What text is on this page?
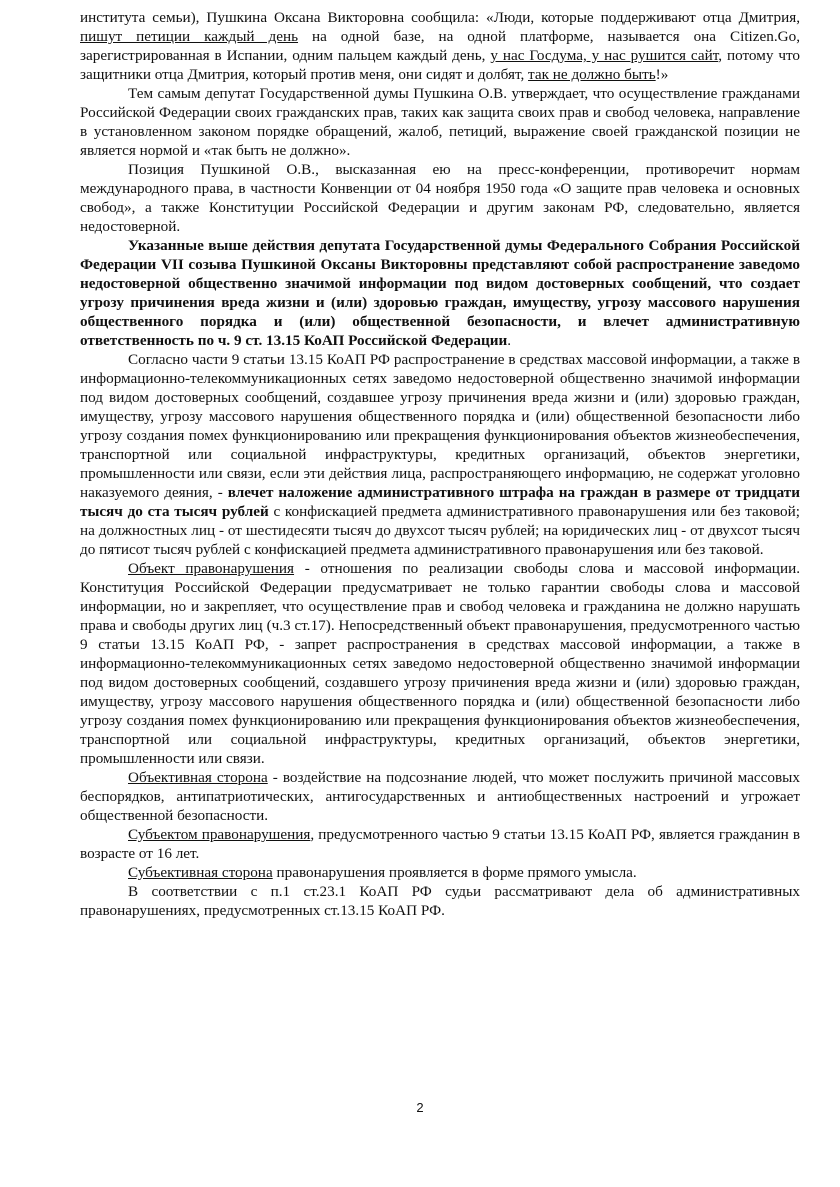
института семьи), Пушкина Оксана Викторовна сообщила: «Люди, которые поддерживают отца Дмитрия, пишут петиции каждый день на одной базе, на одной платформе, называется она Citizen.Go, зарегистрированная в Испании, одним пальцем каждый день, у нас Госдума, у нас рушится сайт, потому что защитники отца Дмитрия, который против меня, они сидят и долбят, так не должно быть!»

Тем самым депутат Государственной думы Пушкина О.В. утверждает, что осуществление гражданами Российской Федерации своих гражданских прав, таких как защита своих прав и свобод человека, направление в установленном законом порядке обращений, жалоб, петиций, выражение своей гражданской позиции не является нормой и «так быть не должно».

Позиция Пушкиной О.В., высказанная ею на пресс-конференции, противоречит нормам международного права, в частности Конвенции от 04 ноября 1950 года «О защите прав человека и основных свобод», а также Конституции Российской Федерации и другим законам РФ, следовательно, является недостоверной.

Указанные выше действия депутата Государственной думы Федерального Собрания Российской Федерации VII созыва Пушкиной Оксаны Викторовны представляют собой распространение заведомо недостоверной общественно значимой информации под видом достоверных сообщений, что создает угрозу причинения вреда жизни и (или) здоровью граждан, имуществу, угрозу массового нарушения общественного порядка и (или) общественной безопасности, и влечет административную ответственность по ч. 9 ст. 13.15 КоАП Российской Федерации.

Согласно части 9 статьи 13.15 КоАП РФ распространение в средствах массовой информации, а также в информационно-телекоммуникационных сетях заведомо недостоверной общественно значимой информации под видом достоверных сообщений, создавшее угрозу причинения вреда жизни и (или) здоровью граждан, имуществу, угрозу массового нарушения общественного порядка и (или) общественной безопасности либо угрозу создания помех функционированию или прекращения функционирования объектов жизнеобеспечения, транспортной или социальной инфраструктуры, кредитных организаций, объектов энергетики, промышленности или связи, если эти действия лица, распространяющего информацию, не содержат уголовно наказуемого деяния, - влечет наложение административного штрафа на граждан в размере от тридцати тысяч до ста тысяч рублей с конфискацией предмета административного правонарушения или без таковой; на должностных лиц - от шестидесяти тысяч до двухсот тысяч рублей; на юридических лиц - от двухсот тысяч до пятисот тысяч рублей с конфискацией предмета административного правонарушения или без таковой.

Объект правонарушения - отношения по реализации свободы слова и массовой информации. Конституция Российской Федерации предусматривает не только гарантии свободы слова и массовой информации, но и закрепляет, что осуществление прав и свобод человека и гражданина не должно нарушать права и свободы других лиц (ч.3 ст.17). Непосредственный объект правонарушения, предусмотренного частью 9 статьи 13.15 КоАП РФ, - запрет распространения в средствах массовой информации, а также в информационно-телекоммуникационных сетях заведомо недостоверной общественно значимой информации под видом достоверных сообщений, создавшего угрозу причинения вреда жизни и (или) здоровью граждан, имуществу, угрозу массового нарушения общественного порядка и (или) общественной безопасности либо угрозу создания помех функционированию или прекращения функционирования объектов жизнеобеспечения, транспортной или социальной инфраструктуры, кредитных организаций, объектов энергетики, промышленности или связи.

Объективная сторона - воздействие на подсознание людей, что может послужить причиной массовых беспорядков, антипатриотических, антигосударственных и антиобщественных настроений и угрожает общественной безопасности.

Субъектом правонарушения, предусмотренного частью 9 статьи 13.15 КоАП РФ, является гражданин в возрасте от 16 лет.

Субъективная сторона правонарушения проявляется в форме прямого умысла.

В соответствии с п.1 ст.23.1 КоАП РФ судьи рассматривают дела об административных правонарушениях, предусмотренных ст.13.15 КоАП РФ.

2
